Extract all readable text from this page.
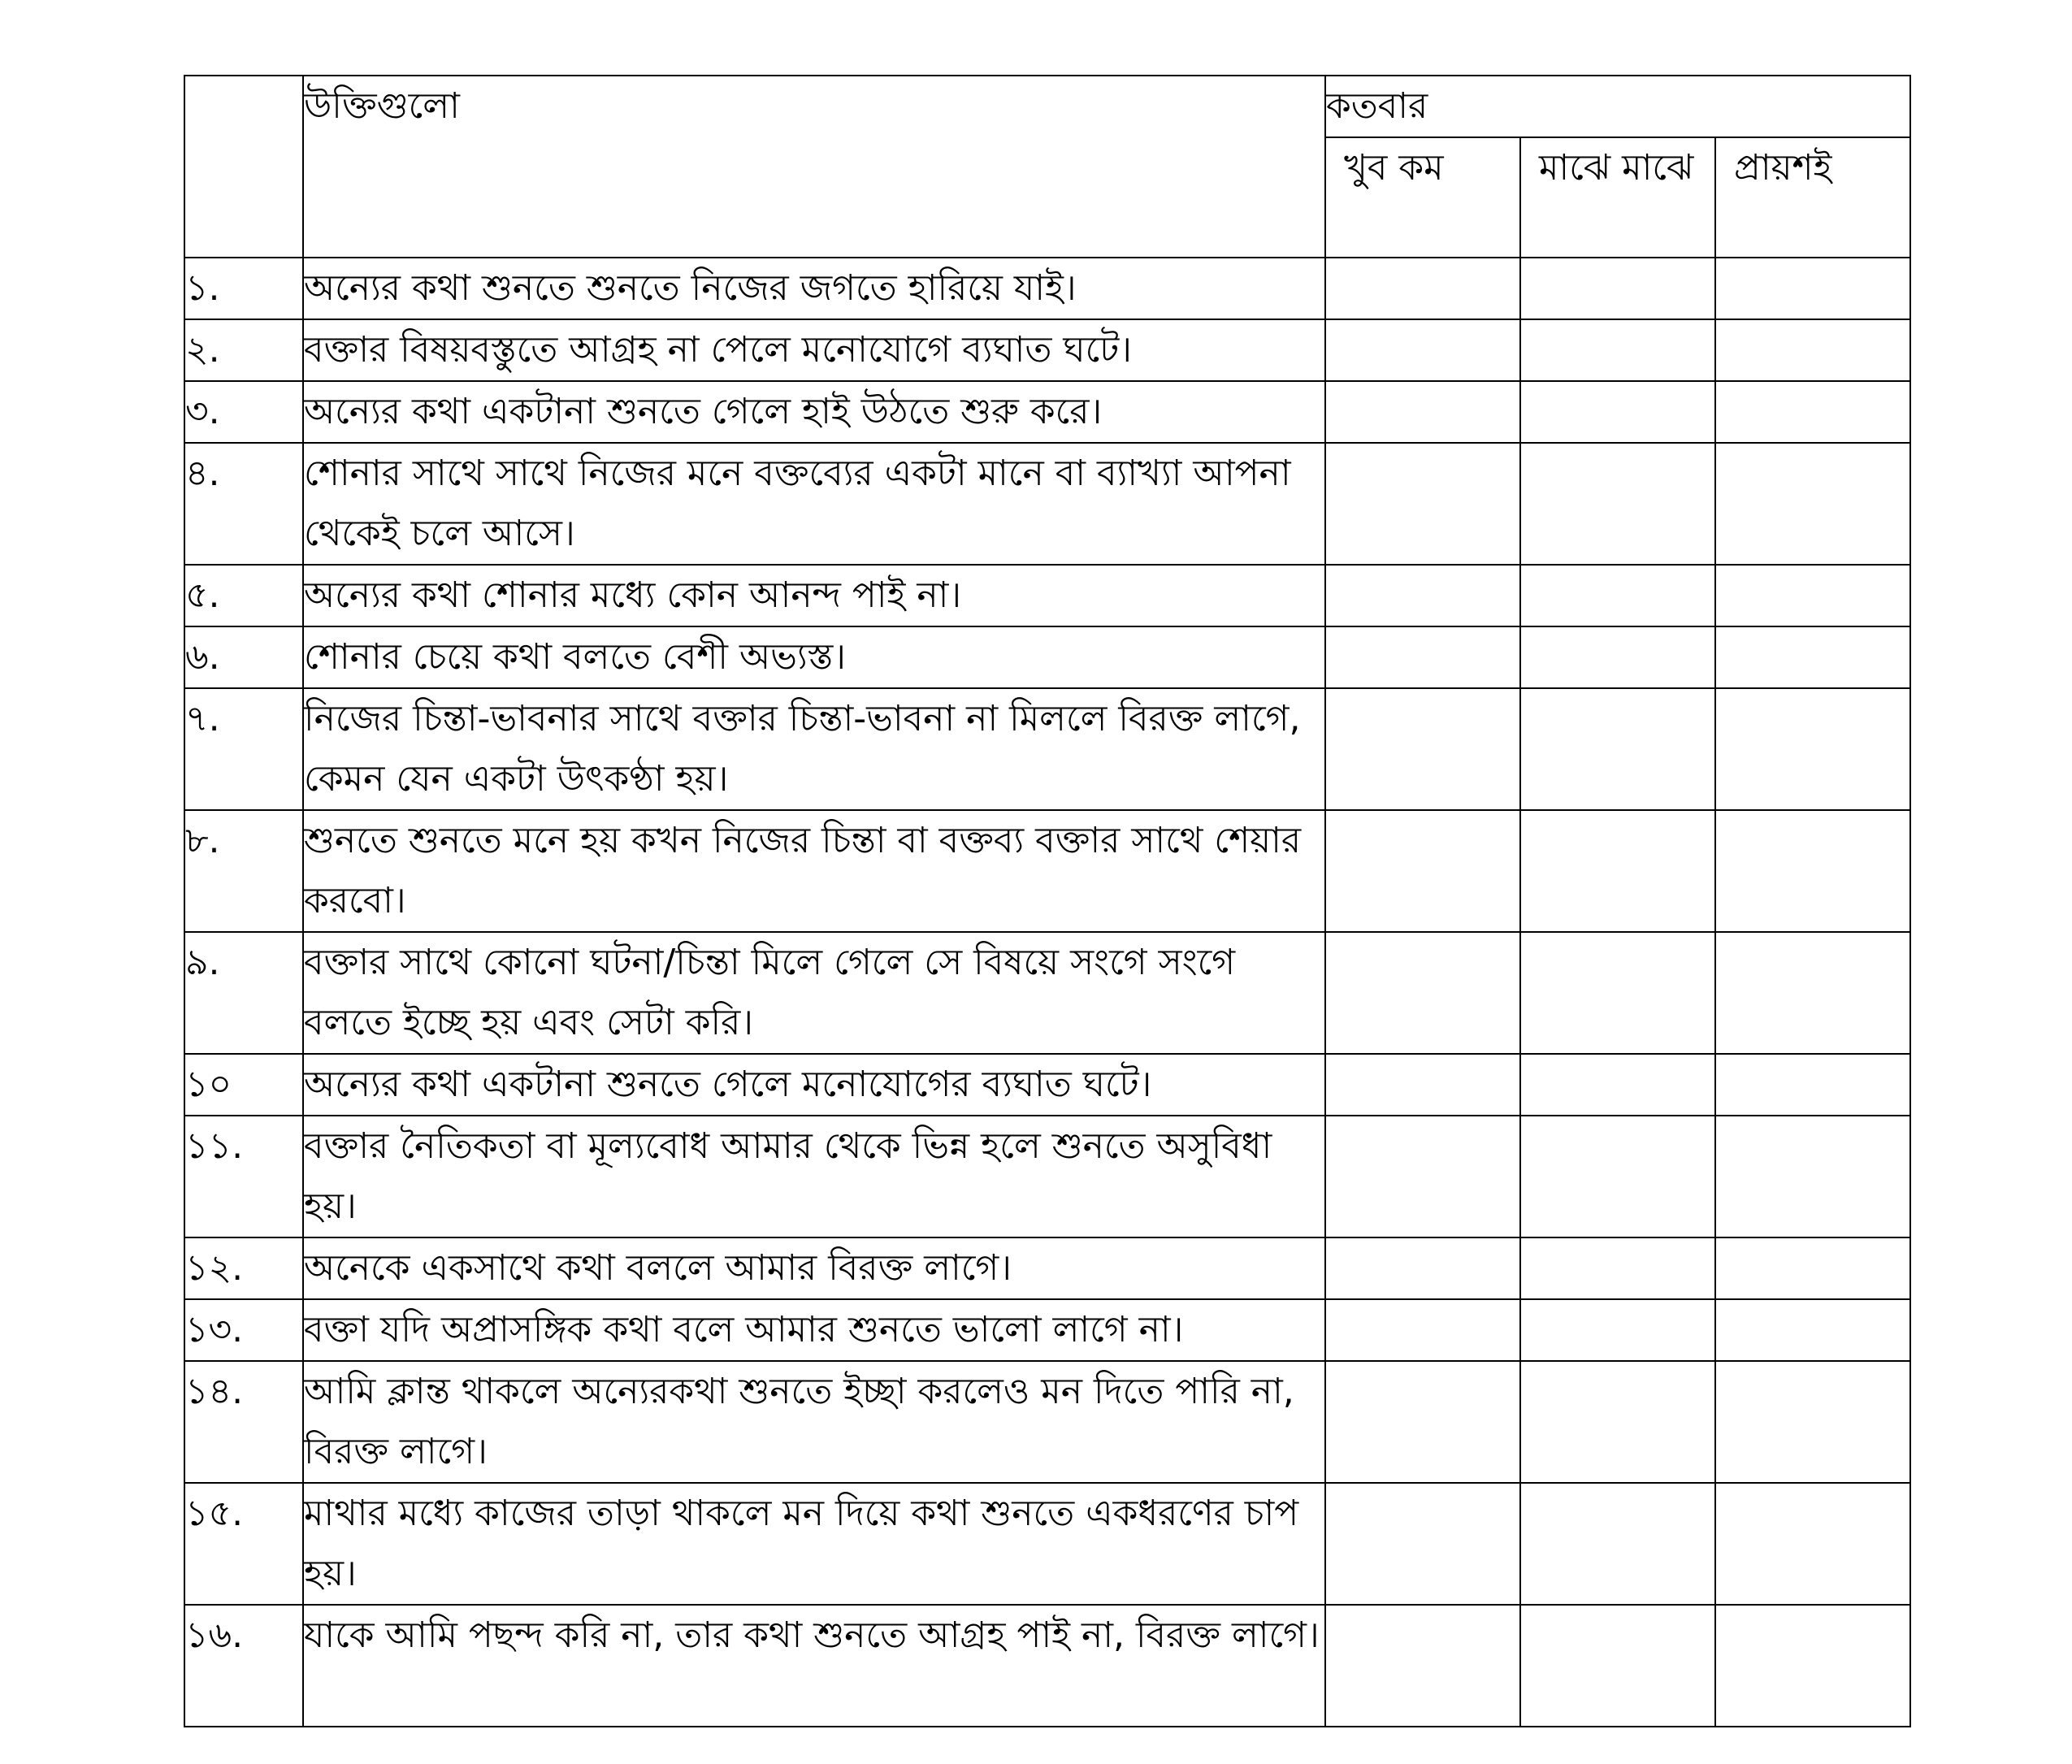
	উক্তিগুলো	কতবার		
		খুব কম	মাঝে মাঝে	প্রায়শই
১.	অন্যের কথা শুনতে শুনতে নিজের জগতে হারিয়ে যাই।			
২.	বক্তার বিষয়বস্তুতে আগ্রহ না পেলে মনোযোগে ব্যঘাত ঘটে।			
৩.	অন্যের কথা একটানা শুনতে গেলে হাই উঠতে শুরু করে।			
৪.	শোনার সাথে সাথে নিজের মনে বক্তব্যের একটা মানে বা ব্যাখ্যা আপনা থেকেই চলে আসে।			
৫.	অন্যের কথা শোনার মধ্যে কোন আনন্দ পাই না।			
৬.	শোনার চেয়ে কথা বলতে বেশী অভ্যস্ত।			
৭.	নিজের চিন্তা-ভাবনার সাথে বক্তার চিন্তা-ভাবনা না মিললে বিরক্ত লাগে, কেমন যেন একটা উৎকণ্ঠা হয়।			
৮.	শুনতে শুনতে মনে হয় কখন নিজের চিন্তা বা বক্তব্য বক্তার সাথে শেয়ার করবো।			
৯.	বক্তার সাথে কোনো ঘটনা/চিন্তা মিলে গেলে সে বিষয়ে সংগে সংগে বলতে ইচ্ছে হয় এবং সেটা করি।			
১০	অন্যের কথা একটানা শুনতে গেলে মনোযোগের ব্যঘাত ঘটে।			
১১.	বক্তার নৈতিকতা বা মূল্যবোধ আমার থেকে ভিন্ন হলে শুনতে অসুবিধা হয়।			
১২.	অনেকে একসাথে কথা বললে আমার বিরক্ত লাগে।			
১৩.	বক্তা যদি অপ্রাসঙ্গিক কথা বলে আমার শুনতে ভালো লাগে না।			
১৪.	আমি ক্লান্ত থাকলে অন্যেরকথা শুনতে ইচ্ছা করলেও মন দিতে পারি না, বিরক্ত লাগে।			
১৫.	মাথার মধ্যে কাজের তাড়া থাকলে মন দিয়ে কথা শুনতে একধরণের চাপ হয়।			
১৬.	যাকে আমি পছন্দ করি না, তার কথা শুনতে আগ্রহ পাই না, বিরক্ত লাগে।			
